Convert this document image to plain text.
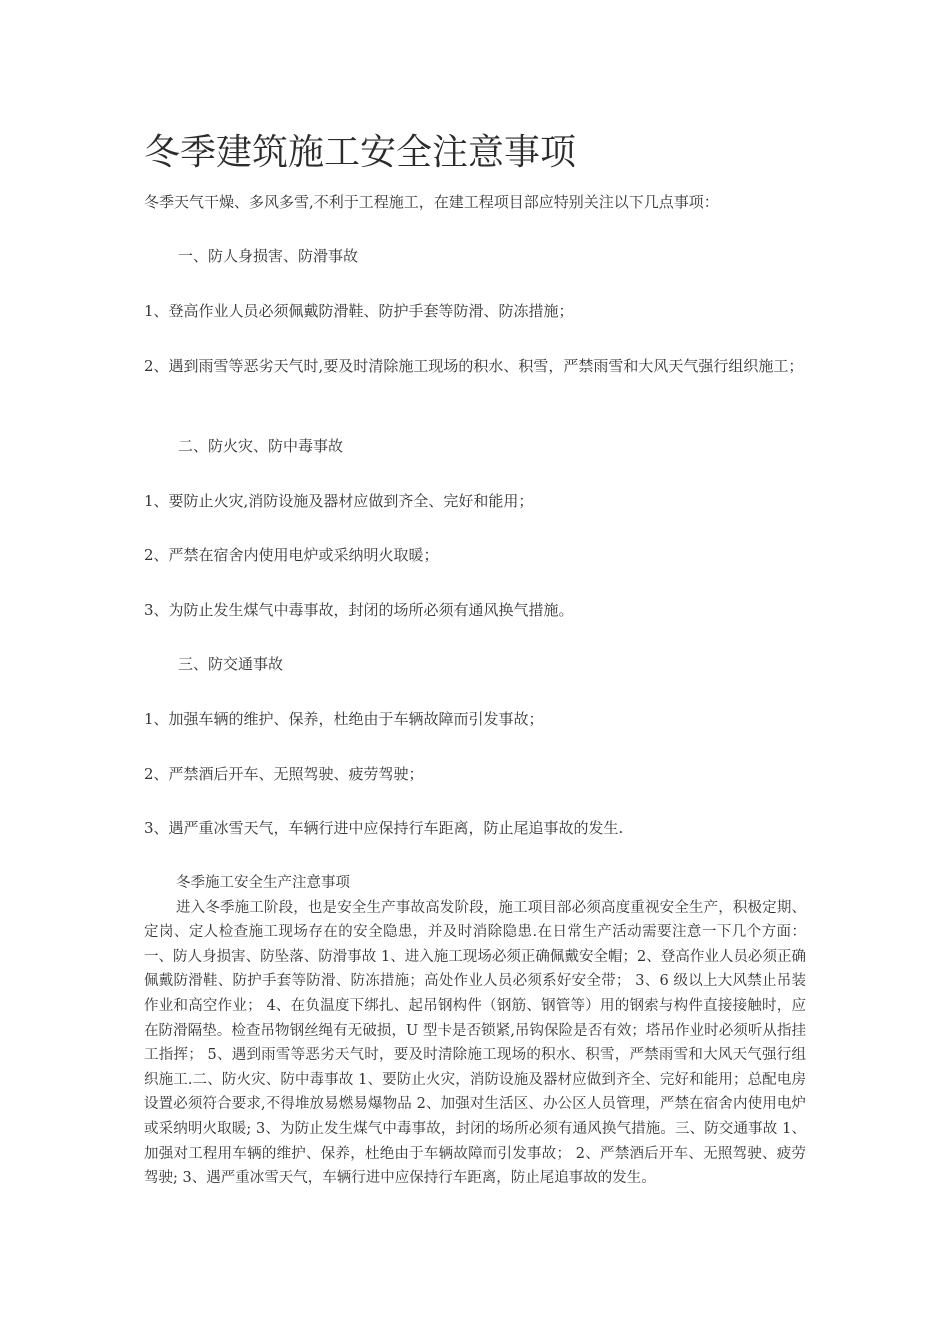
冬季建筑施工安全注意事项
冬季天气干燥、多风多雪,不利于工程施工，在建工程项目部应特别关注以下几点事项：
一、防人身损害、防滑事故
1、登高作业人员必须佩戴防滑鞋、防护手套等防滑、防冻措施；
2、遇到雨雪等恶劣天气时,要及时清除施工现场的积水、积雪，严禁雨雪和大风天气强行组织施工；
二、防火灾、防中毒事故
1、要防止火灾,消防设施及器材应做到齐全、完好和能用；
2、严禁在宿舍内使用电炉或采纳明火取暖；
3、为防止发生煤气中毒事故，封闭的场所必须有通风换气措施。
三、防交通事故
1、加强车辆的维护、保养，杜绝由于车辆故障而引发事故；
2、严禁酒后开车、无照驾驶、疲劳驾驶；
3、遇严重冰雪天气，车辆行进中应保持行车距离，防止尾追事故的发生.
冬季施工安全生产注意事项
进入冬季施工阶段，也是安全生产事故高发阶段，施工项目部必须高度重视安全生产，积极定期、定岗、定人检查施工现场存在的安全隐患，并及时消除隐患.在日常生产活动需要注意一下几个方面：一、防人身损害、防坠落、防滑事故 1、进入施工现场必须正确佩戴安全帽；2、登高作业人员必须正确佩戴防滑鞋、防护手套等防滑、防冻措施；高处作业人员必须系好安全带； 3、6 级以上大风禁止吊装作业和高空作业； 4、在负温度下绑扎、起吊钢构件（钢筋、钢管等）用的钢索与构件直接接触时，应在防滑隔垫。检查吊物钢丝绳有无破损，U 型卡是否锁紧,吊钩保险是否有效；塔吊作业时必须听从指挂工指挥； 5、遇到雨雪等恶劣天气时，要及时清除施工现场的积水、积雪，严禁雨雪和大风天气强行组织施工.二、防火灾、防中毒事故 1、要防止火灾，消防设施及器材应做到齐全、完好和能用；总配电房设置必须符合要求,不得堆放易燃易爆物品 2、加强对生活区、办公区人员管理，严禁在宿舍内使用电炉或采纳明火取暖; 3、为防止发生煤气中毒事故，封闭的场所必须有通风换气措施。三、防交通事故 1、加强对工程用车辆的维护、保养，杜绝由于车辆故障而引发事故； 2、严禁酒后开车、无照驾驶、疲劳驾驶; 3、遇严重冰雪天气，车辆行进中应保持行车距离，防止尾追事故的发生。
